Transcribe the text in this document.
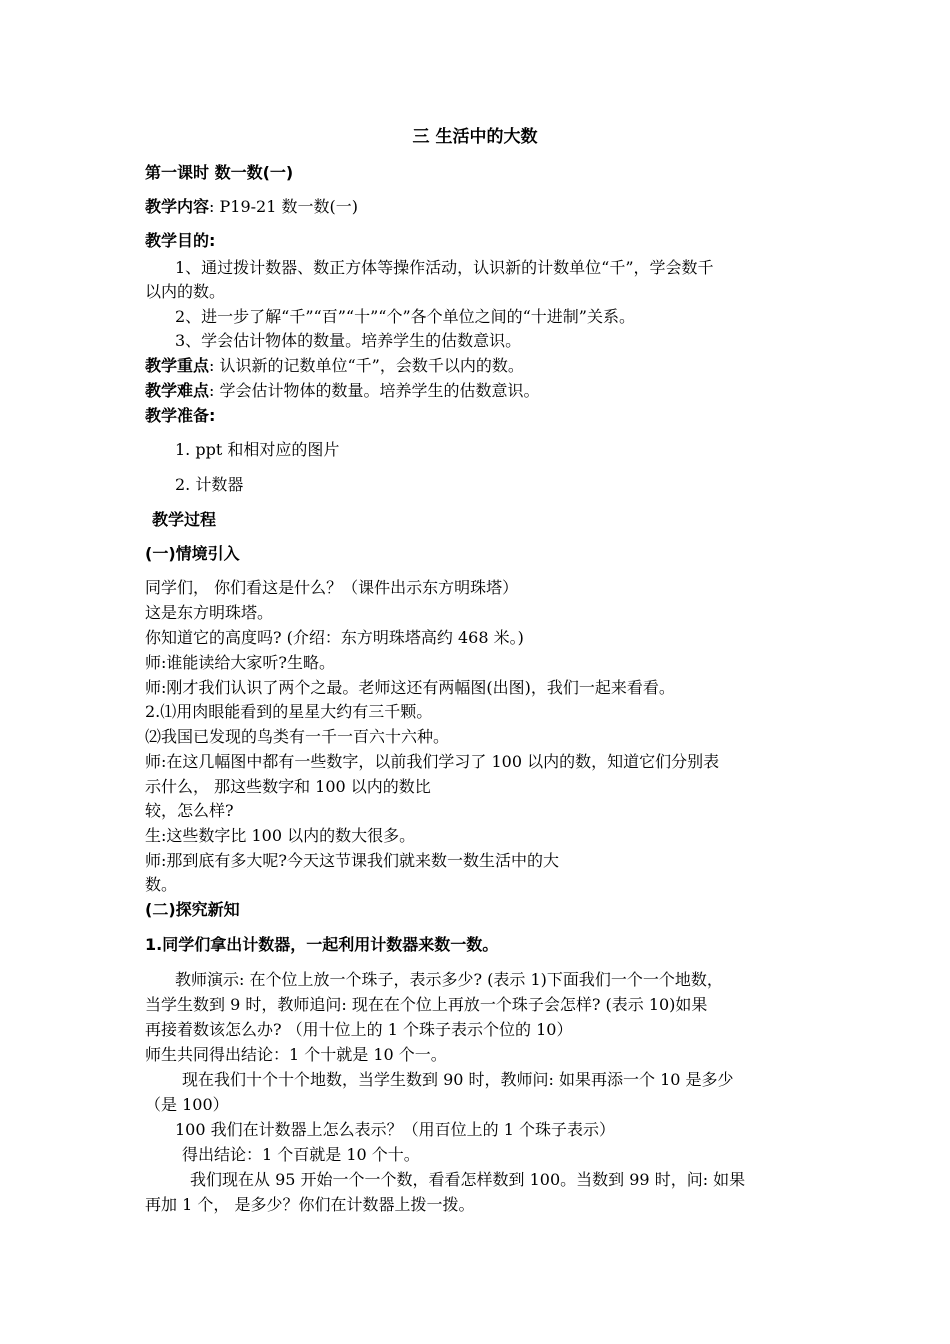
三 生活中的大数
第一课时 数一数(一)
教学内容: P19-21 数一数(一)
教学目的:
1、通过拨计数器、数正方体等操作活动，认识新的计数单位“千”，学会数千
以内的数。
2、进一步了解“千”“百”“十”“个”各个单位之间的“十进制”关系。
3、学会估计物体的数量。培养学生的估数意识。
教学重点: 认识新的记数单位“千”，会数千以内的数。
教学难点: 学会估计物体的数量。培养学生的估数意识。
教学准备:
1. ppt 和相对应的图片
2. 计数器
教学过程
(一)情境引入
同学们， 你们看这是什么？（课件出示东方明珠塔）
这是东方明珠塔。
你知道它的高度吗? (介绍：东方明珠塔高约 468 米。)
师:谁能读给大家听?生略。
师:刚才我们认识了两个之最。老师这还有两幅图(出图)，我们一起来看看。
2.⑴用肉眼能看到的星星大约有三千颗。
⑵我国已发现的鸟类有一千一百六十六种。
师:在这几幅图中都有一些数字，以前我们学习了 100 以内的数，知道它们分别表
示什么， 那这些数字和 100 以内的数比
较，怎么样?
生:这些数字比 100 以内的数大很多。
师:那到底有多大呢?今天这节课我们就来数一数生活中的大
数。
(二)探究新知
1.同学们拿出计数器，一起利用计数器来数一数。
教师演示: 在个位上放一个珠子，表示多少? (表示 1)下面我们一个一个地数，
当学生数到 9 时，教师追问: 现在在个位上再放一个珠子会怎样? (表示 10)如果
再接着数该怎么办? （用十位上的 1 个珠子表示个位的 10）
师生共同得出结论：1 个十就是 10 个一。
现在我们十个十个地数，当学生数到 90 时，教师问: 如果再添一个 10 是多少
（是 100）
100 我们在计数器上怎么表示？（用百位上的 1 个珠子表示）
得出结论：1 个百就是 10 个十。
我们现在从 95 开始一个一个数，看看怎样数到 100。当数到 99 时，问: 如果
再加 1 个， 是多少？你们在计数器上拨一拨。
